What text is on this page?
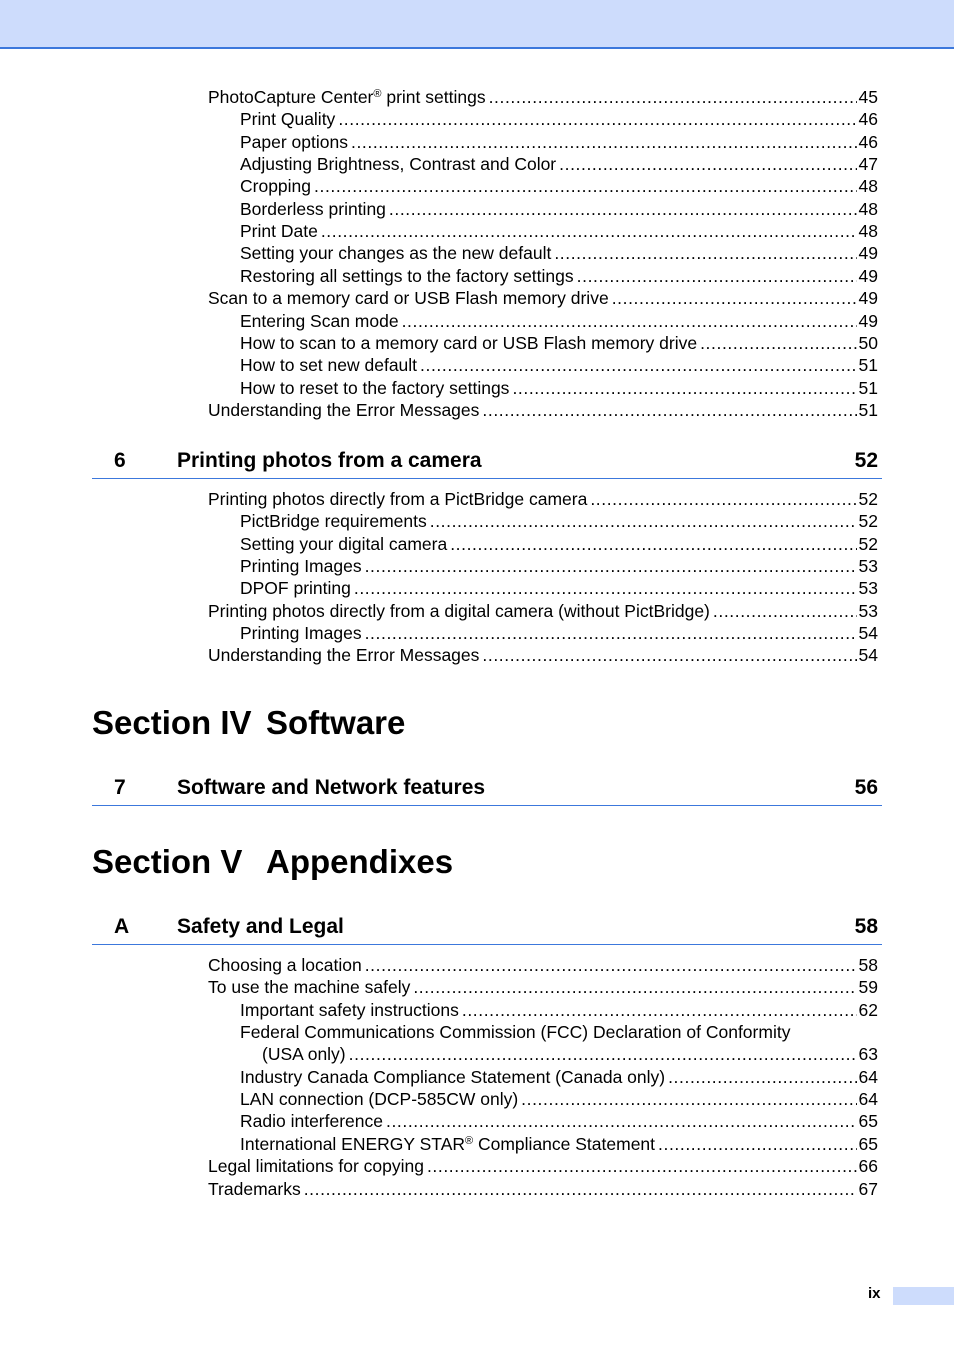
PhotoCapture Center® print settings .....	45
Print Quality .....	46
Paper options .....	46
Adjusting Brightness, Contrast and Color .....	47
Cropping .....	48
Borderless printing .....	48
Print Date .....	48
Setting your changes as the new default .....	49
Restoring all settings to the factory settings .....	49
Scan to a memory card or USB Flash memory drive .....	49
Entering Scan mode .....	49
How to scan to a memory card or USB Flash memory drive .....	50
How to set new default .....	51
How to reset to the factory settings .....	51
Understanding the Error Messages .....	51
6 Printing photos from a camera	52
Printing photos directly from a PictBridge camera .....	52
PictBridge requirements .....	52
Setting your digital camera .....	52
Printing Images .....	53
DPOF printing .....	53
Printing photos directly from a digital camera (without PictBridge) .....	53
Printing Images .....	54
Understanding the Error Messages .....	54
Section IV Software
7 Software and Network features	56
Section V Appendixes
A Safety and Legal	58
Choosing a location .....	58
To use the machine safely .....	59
Important safety instructions .....	62
Federal Communications Commission (FCC) Declaration of Conformity
(USA only) .....	63
Industry Canada Compliance Statement (Canada only) .....	64
LAN connection (DCP-585CW only) .....	64
Radio interference .....	65
International ENERGY STAR® Compliance Statement .....	65
Legal limitations for copying .....	66
Trademarks .....	67
ix
